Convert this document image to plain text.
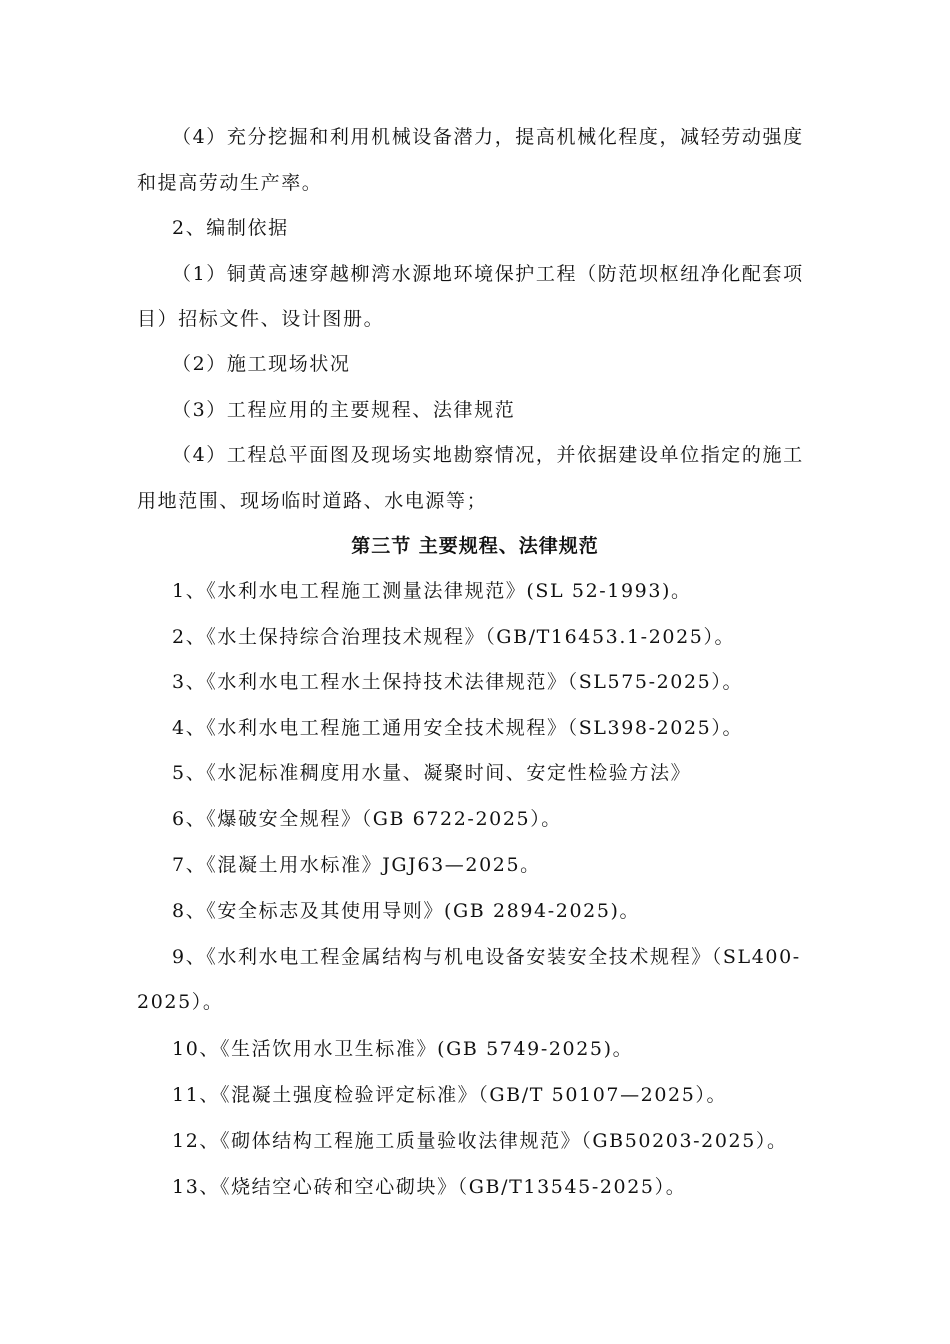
（4）充分挖掘和利用机械设备潜力，提高机械化程度，减轻劳动强度

和提高劳动生产率。

2、编制依据

（1）铜黄高速穿越柳湾水源地环境保护工程（防范坝枢纽净化配套项

目）招标文件、设计图册。

（2）施工现场状况

（3）工程应用的主要规程、法律规范

（4）工程总平面图及现场实地勘察情况，并依据建设单位指定的施工

用地范围、现场临时道路、水电源等；

第三节 主要规程、法律规范

1、《水利水电工程施工测量法律规范》(SL 52-1993)。

2、《水土保持综合治理技术规程》（GB/T16453.1-2025）。

3、《水利水电工程水土保持技术法律规范》（SL575-2025）。

4、《水利水电工程施工通用安全技术规程》（SL398-2025）。

5、《水泥标准稠度用水量、凝聚时间、安定性检验方法》

6、《爆破安全规程》（GB 6722-2025）。

7、《混凝土用水标准》JGJ63—2025。

8、《安全标志及其使用导则》(GB 2894-2025)。

9、《水利水电工程金属结构与机电设备安装安全技术规程》（SL400-

2025）。

10、《生活饮用水卫生标准》(GB 5749-2025)。

11、《混凝土强度检验评定标准》（GB/T 50107—2025）。

12、《砌体结构工程施工质量验收法律规范》（GB50203-2025）。

13、《烧结空心砖和空心砌块》（GB/T13545-2025）。
